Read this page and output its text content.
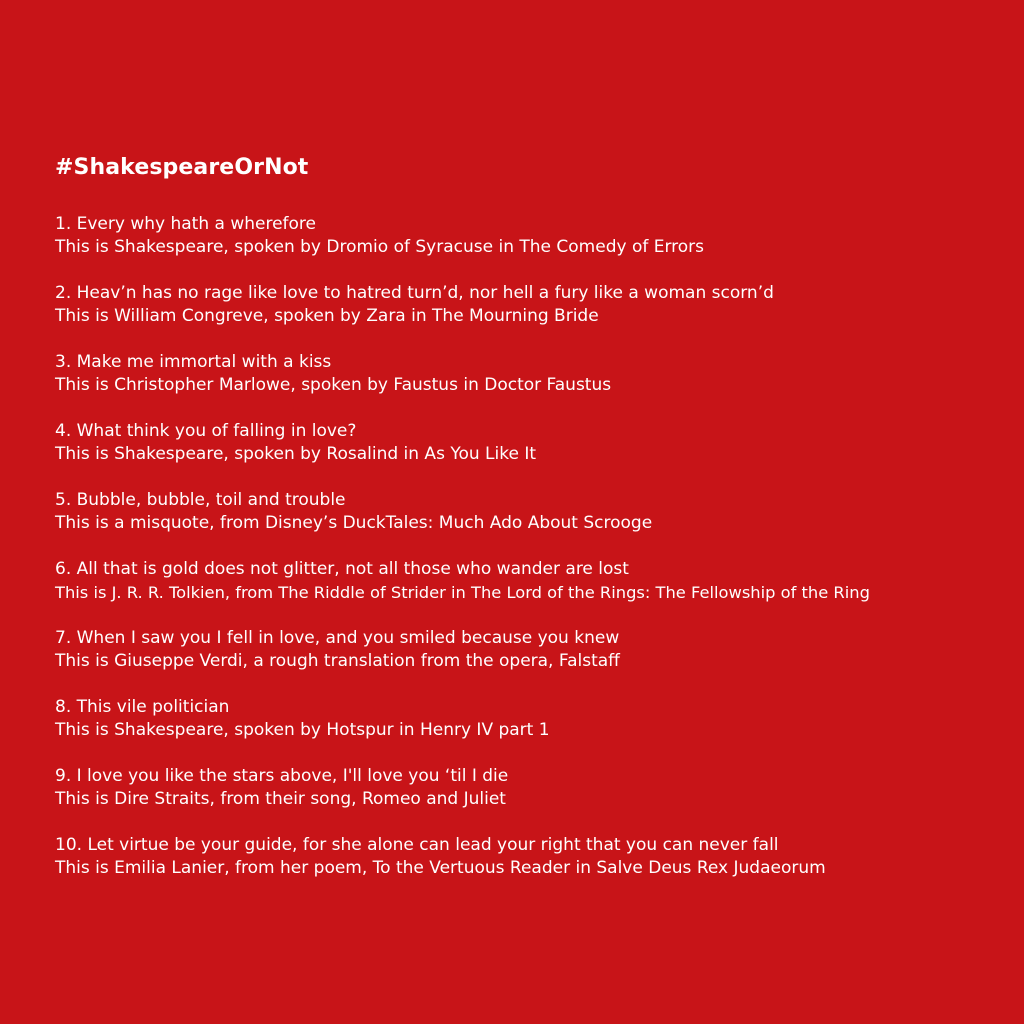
#ShakespeareOrNot
1. Every why hath a wherefore
This is Shakespeare, spoken by Dromio of Syracuse in The Comedy of Errors
2. Heav’n has no rage like love to hatred turn’d, nor hell a fury like a woman scorn’d
This is William Congreve, spoken by Zara in The Mourning Bride
3. Make me immortal with a kiss
This is Christopher Marlowe, spoken by Faustus in Doctor Faustus
4. What think you of falling in love?
This is Shakespeare, spoken by Rosalind in As You Like It
5. Bubble, bubble, toil and trouble
This is a misquote, from Disney’s DuckTales: Much Ado About Scrooge
6. All that is gold does not glitter, not all those who wander are lost
This is J. R. R. Tolkien, from The Riddle of Strider in The Lord of the Rings: The Fellowship of the Ring
7. When I saw you I fell in love, and you smiled because you knew
This is Giuseppe Verdi, a rough translation from the opera, Falstaff
8. This vile politician
This is Shakespeare, spoken by Hotspur in Henry IV part 1
9. I love you like the stars above, I'll love you ‘til I die
This is Dire Straits, from their song, Romeo and Juliet
10. Let virtue be your guide, for she alone can lead your right that you can never fall
This is Emilia Lanier, from her poem, To the Vertuous Reader in Salve Deus Rex Judaeorum
